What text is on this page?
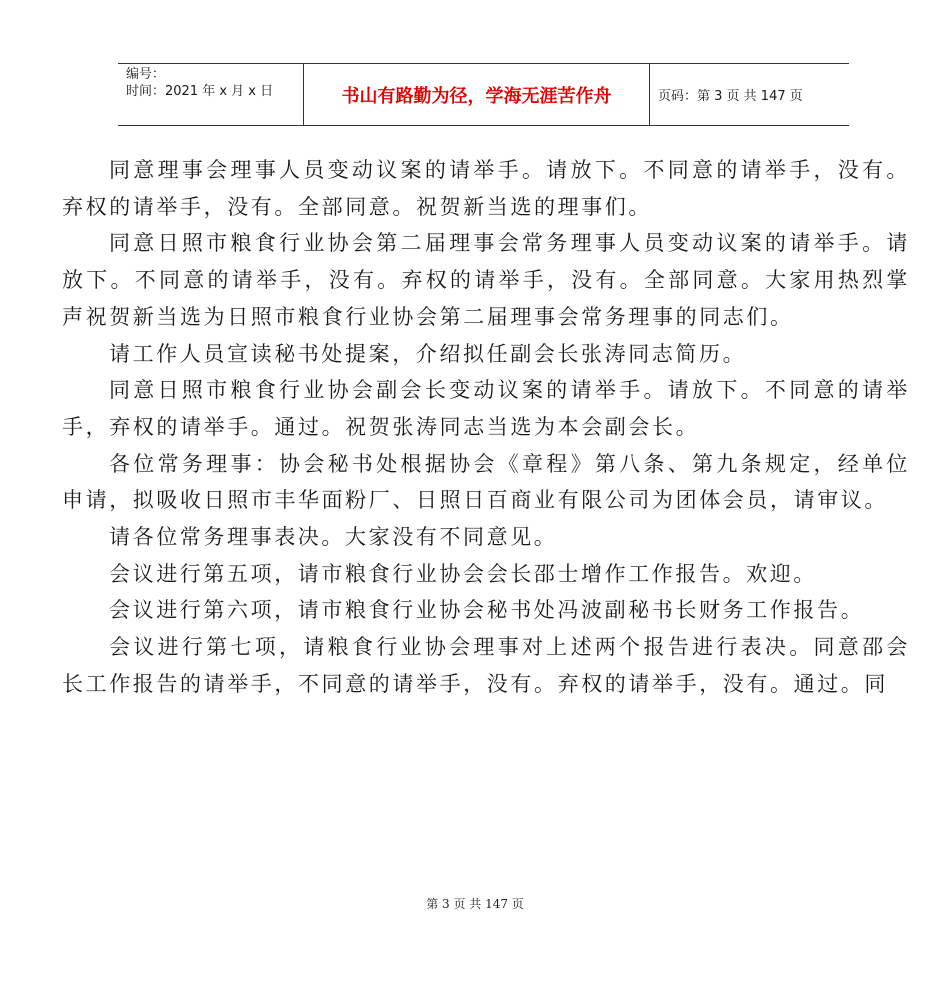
编号：
时间：2021 年 x 月 x 日	书山有路勤为径，学海无涯苦作舟	页码：第 3 页 共 147 页

同意理事会理事人员变动议案的请举手。请放下。不同意的请举手，没有。弃权的请举手，没有。全部同意。祝贺新当选的理事们。

同意日照市粮食行业协会第二届理事会常务理事人员变动议案的请举手。请放下。不同意的请举手，没有。弃权的请举手，没有。全部同意。大家用热烈掌声祝贺新当选为日照市粮食行业协会第二届理事会常务理事的同志们。

请工作人员宣读秘书处提案，介绍拟任副会长张涛同志简历。

同意日照市粮食行业协会副会长变动议案的请举手。请放下。不同意的请举手，弃权的请举手。通过。祝贺张涛同志当选为本会副会长。

各位常务理事：协会秘书处根据协会《章程》第八条、第九条规定，经单位申请，拟吸收日照市丰华面粉厂、日照日百商业有限公司为团体会员，请审议。

请各位常务理事表决。大家没有不同意见。

会议进行第五项，请市粮食行业协会会长邵士增作工作报告。欢迎。

会议进行第六项，请市粮食行业协会秘书处冯波副秘书长财务工作报告。

会议进行第七项，请粮食行业协会理事对上述两个报告进行表决。同意邵会长工作报告的请举手，不同意的请举手，没有。弃权的请举手，没有。通过。同

第 3 页 共 147 页
